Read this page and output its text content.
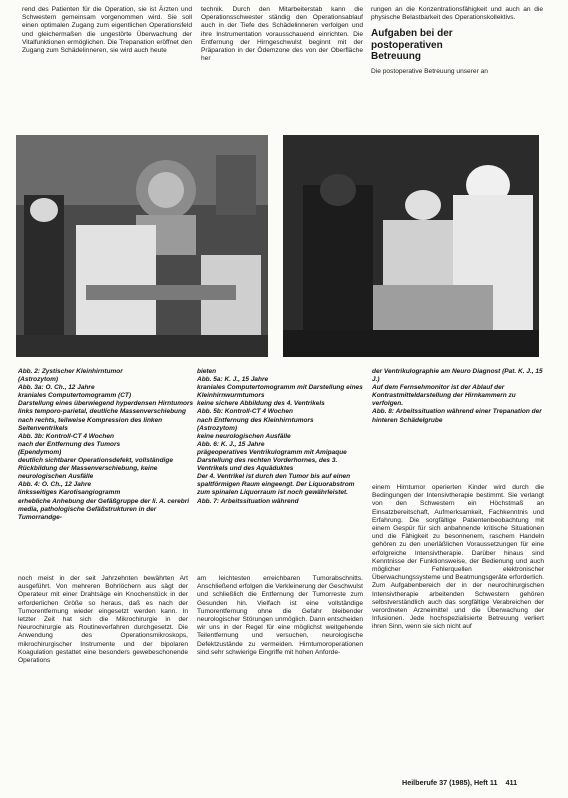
rend des Patienten für die Operation, sie ist Ärzten und Schwestern gemeinsam vorgenommen wird. Sie soll einen optimalen Zugang zum eigentlichen Operationsfeld und gleichermaßen die ungestörte Überwachung der Vitalfunktionen ermöglichen. Die Trepanation eröffnet den Zugang zum Schädelinneren, sie wird auch heute

technik. Durch den Mitarbeiterstab kann die Operationsschwester ständig den Operationsablauf auch in der Tiefe des Schädelinneren verfolgen und ihre Instrumentation vorausschauend einrichten. Die Entfernung der Hirngeschwulst beginnt mit der Präparation in der Ödemzone des von der Oberfläche her

rungen an die Konzentrationsfähigkeit und auch an die physische Belastbarkeit des Operationskollektivs.

Aufgaben bei der
postoperativen
Betreuung

Die postoperative Betreuung unserer an

Abb. 2: Zystischer Kleinhirntumor
(Astrozytom)
Abb. 3a: O. Ch., 12 Jahre
kraniales Computertomogramm (CT)
Darstellung eines überwiegend hyperdensen Hirntumors links temporo-parietal, deutliche Massenverschiebung nach rechts, teilweise Kompression des linken Seitenventrikels
Abb. 3b: Kontroll-CT 4 Wochen
nach der Entfernung des Tumors
(Ependymom)
deutlich sichtbarer Operationsdefekt, vollständige Rückbildung der Massenverschiebung, keine neurologischen Ausfälle
Abb. 4: O. Ch., 12 Jahre
linksseitiges Karotisangiogramm
erhebliche Anhebung der Gefäßgruppe der li. A. cerebri media, pathologische Gefäßstrukturen in der Tumorrandge-

bieten
Abb. 5a: K. J., 15 Jahre
kraniales Computertomogramm mit Darstellung eines Kleinhirnwurmtumors
keine sichere Abbildung des 4. Ventrikels
Abb. 5b: Kontroll-CT 4 Wochen
nach Entfernung des Kleinhirntumors
(Astrozytom)
keine neurologischen Ausfälle
Abb. 6: K. J., 15 Jahre
prägeoperatives Ventrikulogramm mit Amipaque
Darstellung des rechten Vorderhornes, des 3. Ventrikels und des Aquäduktes
Der 4. Ventrikel ist durch den Tumor bis auf einen spaltförmigen Raum eingeengt. Der Liquorabstrom zum spinalen Liquorraum ist noch gewährleistet.
Abb. 7: Arbeitssituation während

der Ventrikulographie am Neuro Diagnost (Pat. K. J., 15 J.)
Auf dem Fernsehmonitor ist der Ablauf der Kontrastmitteldarstellung der Hirnkammern zu verfolgen.
Abb. 8: Arbeitssituation während einer Trepanation der hinteren Schädelgrube

noch meist in der seit Jahrzehnten bewährten Art ausgeführt. Von mehreren Bohrlöchern aus sägt der Operateur mit einer Drahtsäge ein Knochenstück in der erforderlichen Größe so heraus, daß es nach der Tumorentfernung wieder eingesetzt werden kann. In letzter Zeit hat sich die Mikrochirurgie in der Neurochirurgie als Routineverfahren durchgesetzt. Die Anwendung des Operationsmikroskops, mikrochirurgischer Instrumente und der bipolaren Koagulation gestattet eine besonders gewebeschonende Operations

am leichtesten erreichbaren Tumorabschnitts. Anschließend erfolgen die Verkleinerung der Geschwulst und schließlich die Entfernung der Tumorreste zum Gesunden hin. Vielfach ist eine vollständige Tumorentfernung ohne die Gefahr bleibender neurologischer Störungen unmöglich. Dann entscheiden wir uns in der Regel für eine möglichst weitgehende Teilentfernung und versuchen, neurologische Defektzustände zu vermeiden. Hirntumoroperationen sind sehr schwierige Eingriffe mit hohen Anforde-

einem Hirntumor operierten Kinder wird durch die Bedingungen der Intensivtherapie bestimmt. Sie verlangt von den Schwestern ein Höchstmaß an Einsatzbereitschaft, Aufmerksamkeit, Fachkenntnis und Erfahrung. Die sorgfältige Patientenbeobachtung mit einem Gespür für sich anbahnende kritische Situationen und die Fähigkeit zu besonnenem, raschem Handeln gehören zu den unerläßlichen Voraussetzungen für eine erfolgreiche Intensivtherapie. Darüber hinaus sind Kenntnisse der Funktionsweise, der Bedienung und auch möglicher Fehlerquellen elektronischer Überwachungssysteme und Beatmungsgeräte erforderlich. Zum Aufgabenbereich der in der neurochirurgischen Intensivtherapie arbeitenden Schwestern gehören selbstverständlich auch das sorgfältige Verabreichen der verordneten Arzneimittel und die Überwachung der Infusionen. Jede hochspezialisierte Betreuung verliert ihren Sinn, wenn sie sich nicht auf

Heilberufe 37 (1985), Heft 11 411
